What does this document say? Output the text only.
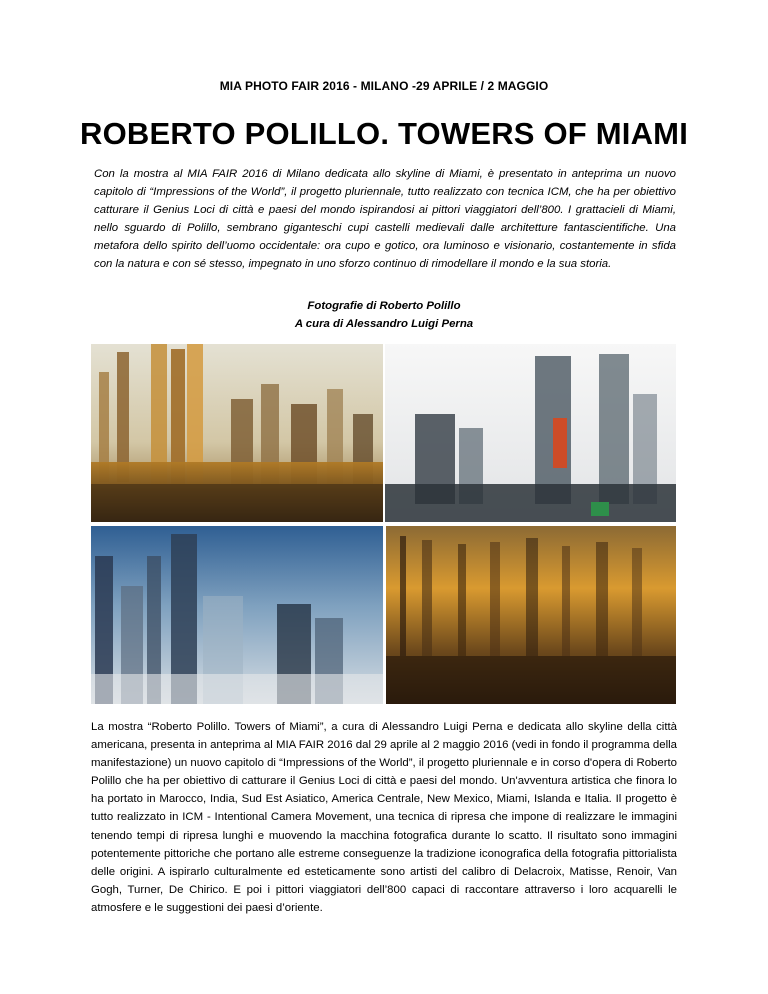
MIA PHOTO FAIR 2016 - MILANO -29 APRILE / 2 MAGGIO
ROBERTO POLILLO. TOWERS OF MIAMI
Con la mostra al MIA FAIR 2016 di Milano dedicata allo skyline di Miami, è presentato in anteprima un nuovo capitolo di “Impressions of the World”, il progetto pluriennale, tutto realizzato con tecnica ICM, che ha per obiettivo catturare il Genius Loci di città e paesi del mondo ispirandosi ai pittori viaggiatori dell’800. I grattacieli di Miami, nello sguardo di Polillo, sembrano giganteschi cupi castelli medievali dalle architetture fantascientifiche. Una metafora dello spirito dell’uomo occidentale: ora cupo e gotico, ora luminoso e visionario, costantemente in sfida con la natura e con sé stesso, impegnato in uno sforzo continuo di rimodellare il mondo e la sua storia.
Fotografie di Roberto Polillo
A cura di Alessandro Luigi Perna
La mostra “Roberto Polillo. Towers of Miami”, a cura di Alessandro Luigi Perna e dedicata allo skyline della città americana, presenta in anteprima al MIA FAIR 2016 dal 29 aprile al 2 maggio 2016 (vedi in fondo il programma della manifestazione) un nuovo capitolo di “Impressions of the World”, il progetto pluriennale e in corso d'opera di Roberto Polillo che ha per obiettivo di catturare il Genius Loci di città e paesi del mondo. Un'avventura artistica che finora lo ha portato in Marocco, India, Sud Est Asiatico, America Centrale, New Mexico, Miami, Islanda e Italia. Il progetto è tutto realizzato in ICM - Intentional Camera Movement, una tecnica di ripresa che impone di realizzare le immagini tenendo tempi di ripresa lunghi e muovendo la macchina fotografica durante lo scatto. Il risultato sono immagini potentemente pittoriche che portano alle estreme conseguenze la tradizione iconografica della fotografia pittorialista delle origini. A ispirarlo culturalmente ed esteticamente sono artisti del calibro di Delacroix, Matisse, Renoir, Van Gogh, Turner, De Chirico. E poi i pittori viaggiatori dell’800 capaci di raccontare attraverso i loro acquarelli le atmosfere e le suggestioni dei paesi d’oriente.
